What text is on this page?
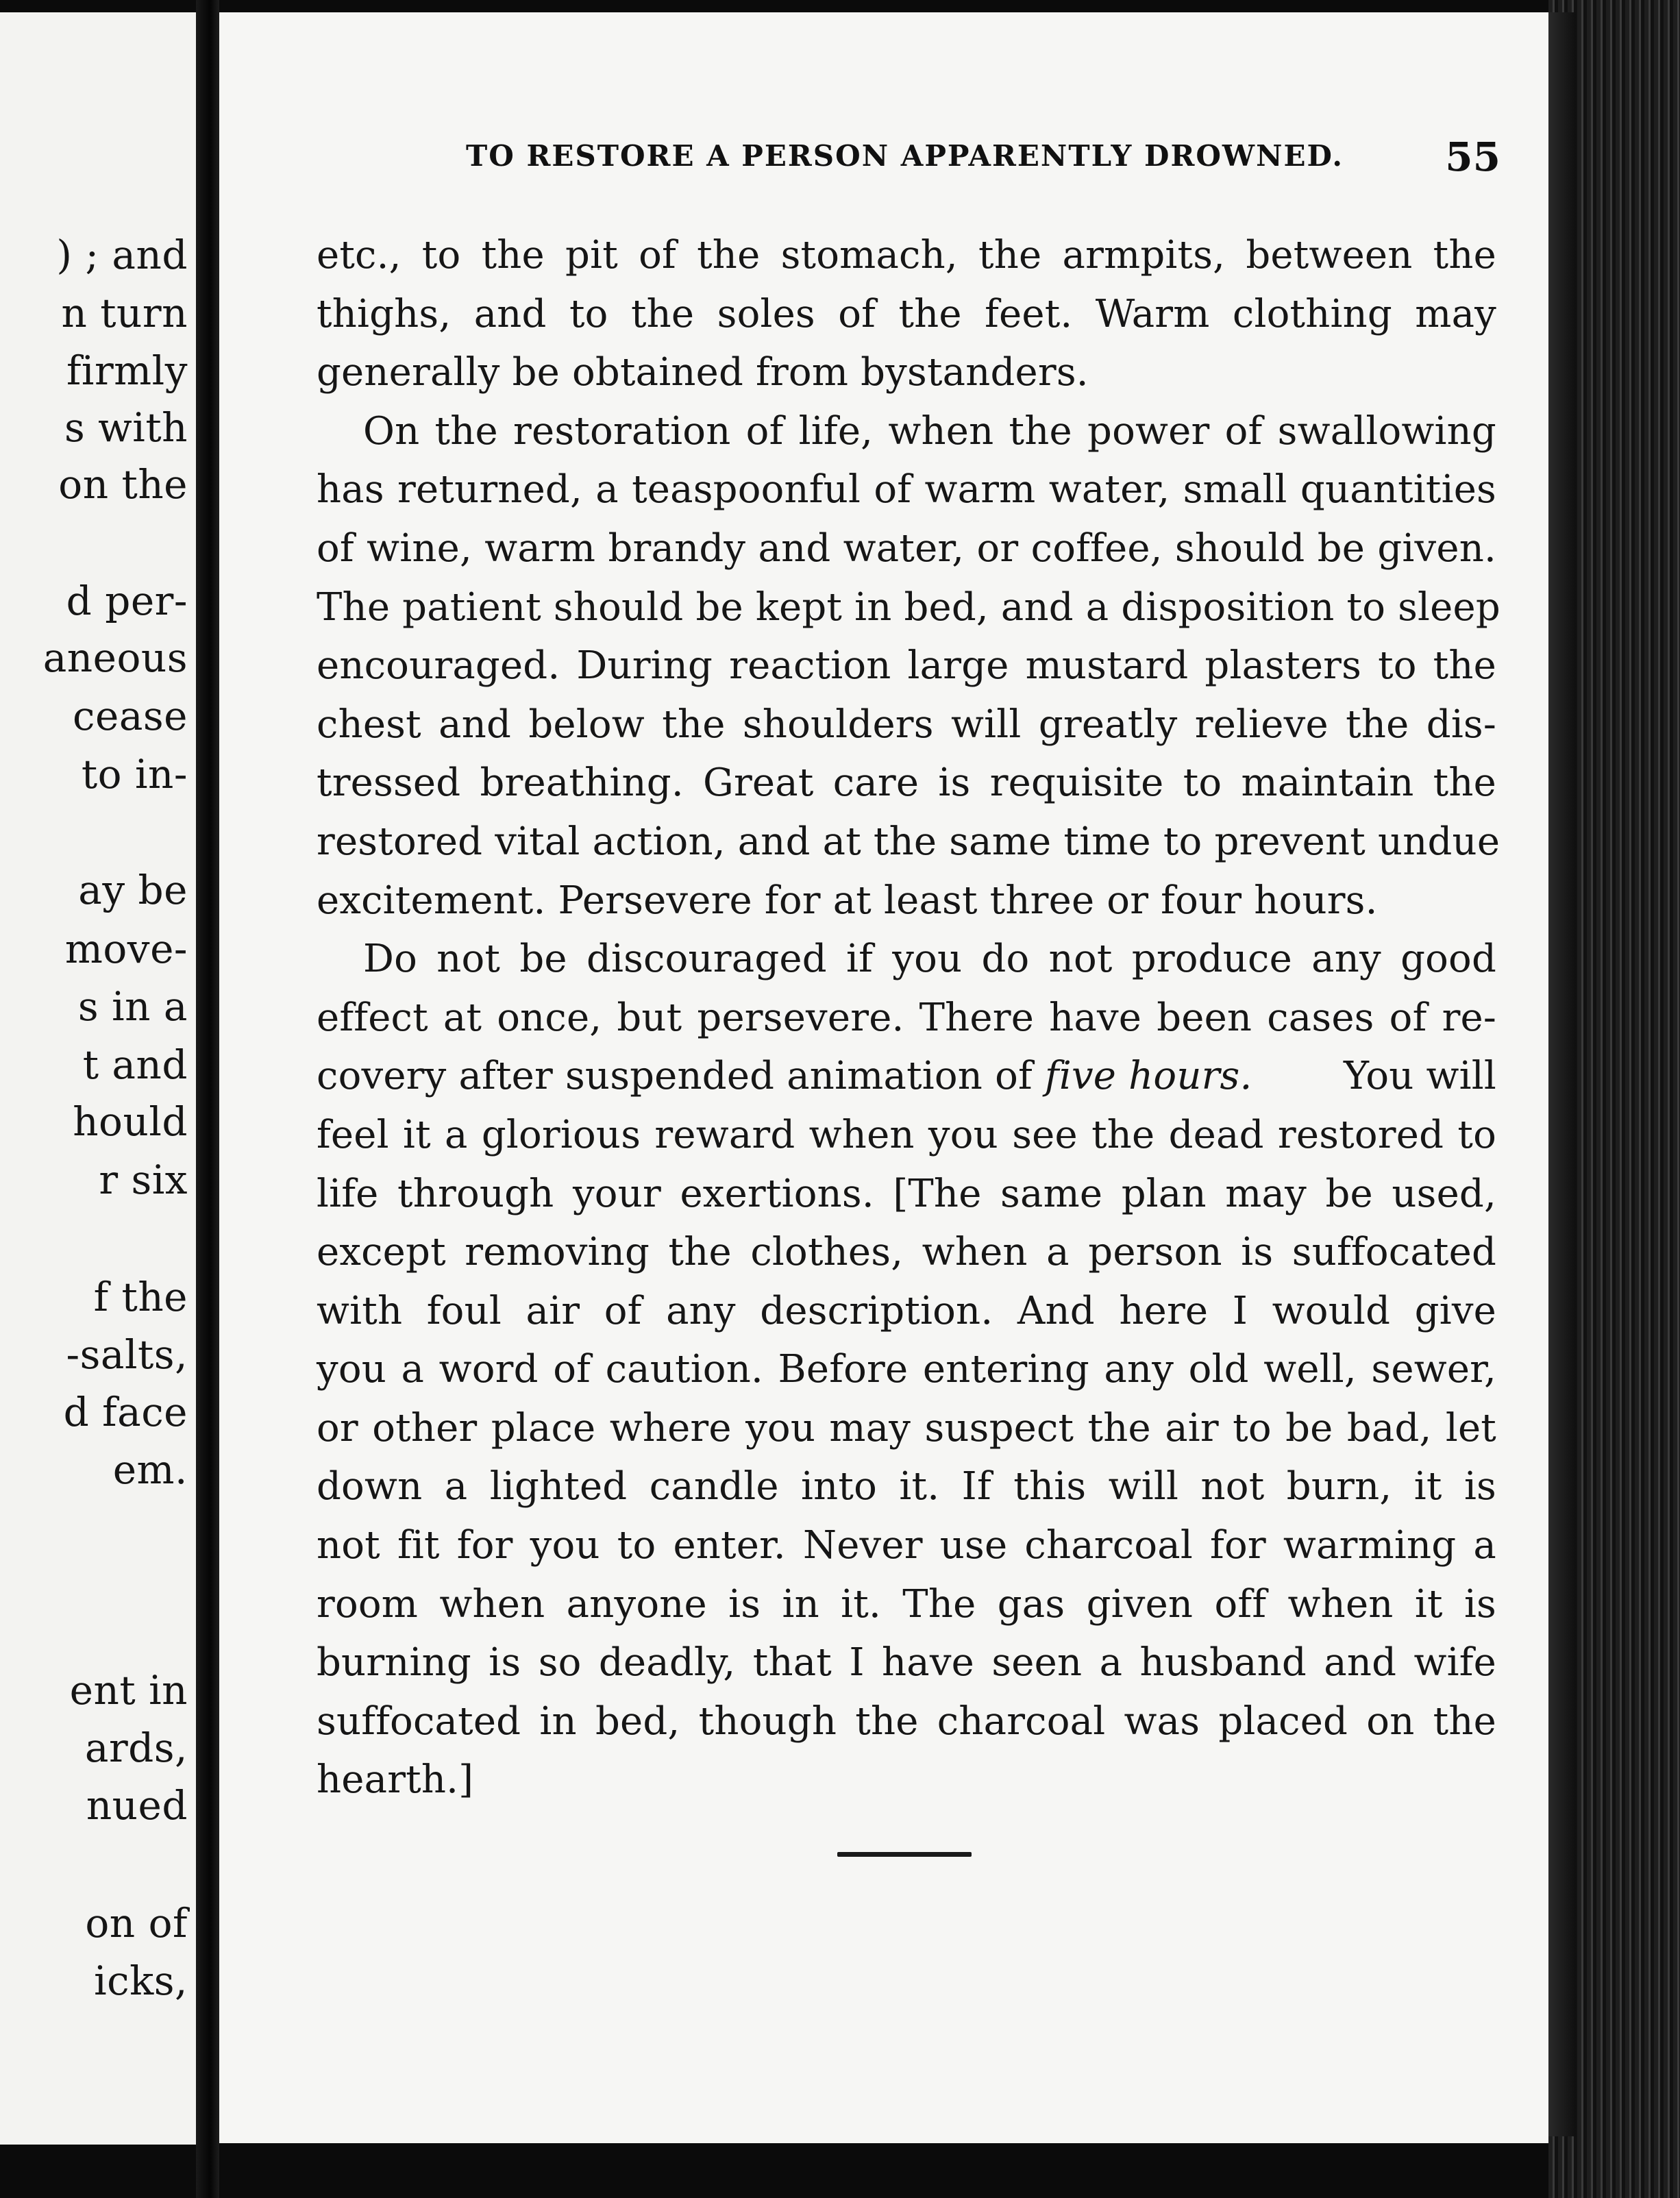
) ; and
n turn
firmly
s with
on the
d per-
aneous
cease
to in-
ay be
move-
s in a
t and
hould
r six
f the
-salts,
d face
em.
ent in
ards,
nued
on of
icks,
TO RESTORE A PERSON APPARENTLY DROWNED.	55
etc., to the pit of the stomach, the armpits, between the
thighs, and to the soles of the feet. Warm clothing may
generally be obtained from bystanders.
On the restoration of life, when the power of swallowing
has returned, a teaspoonful of warm water, small quantities
of wine, warm brandy and water, or coffee, should be given.
The patient should be kept in bed, and a disposition to sleep
encouraged. During reaction large mustard plasters to the
chest and below the shoulders will greatly relieve the dis-
tressed breathing. Great care is requisite to maintain the
restored vital action, and at the same time to prevent undue
excitement. Persevere for at least three or four hours.
Do not be discouraged if you do not produce any good
effect at once, but persevere. There have been cases of re-
covery after suspended animation of five hours. You will
feel it a glorious reward when you see the dead restored to
life through your exertions. [The same plan may be used,
except removing the clothes, when a person is suffocated
with foul air of any description. And here I would give
you a word of caution. Before entering any old well, sewer,
or other place where you may suspect the air to be bad, let
down a lighted candle into it. If this will not burn, it is
not fit for you to enter. Never use charcoal for warming a
room when anyone is in it. The gas given off when it is
burning is so deadly, that I have seen a husband and wife
suffocated in bed, though the charcoal was placed on the
hearth.]
